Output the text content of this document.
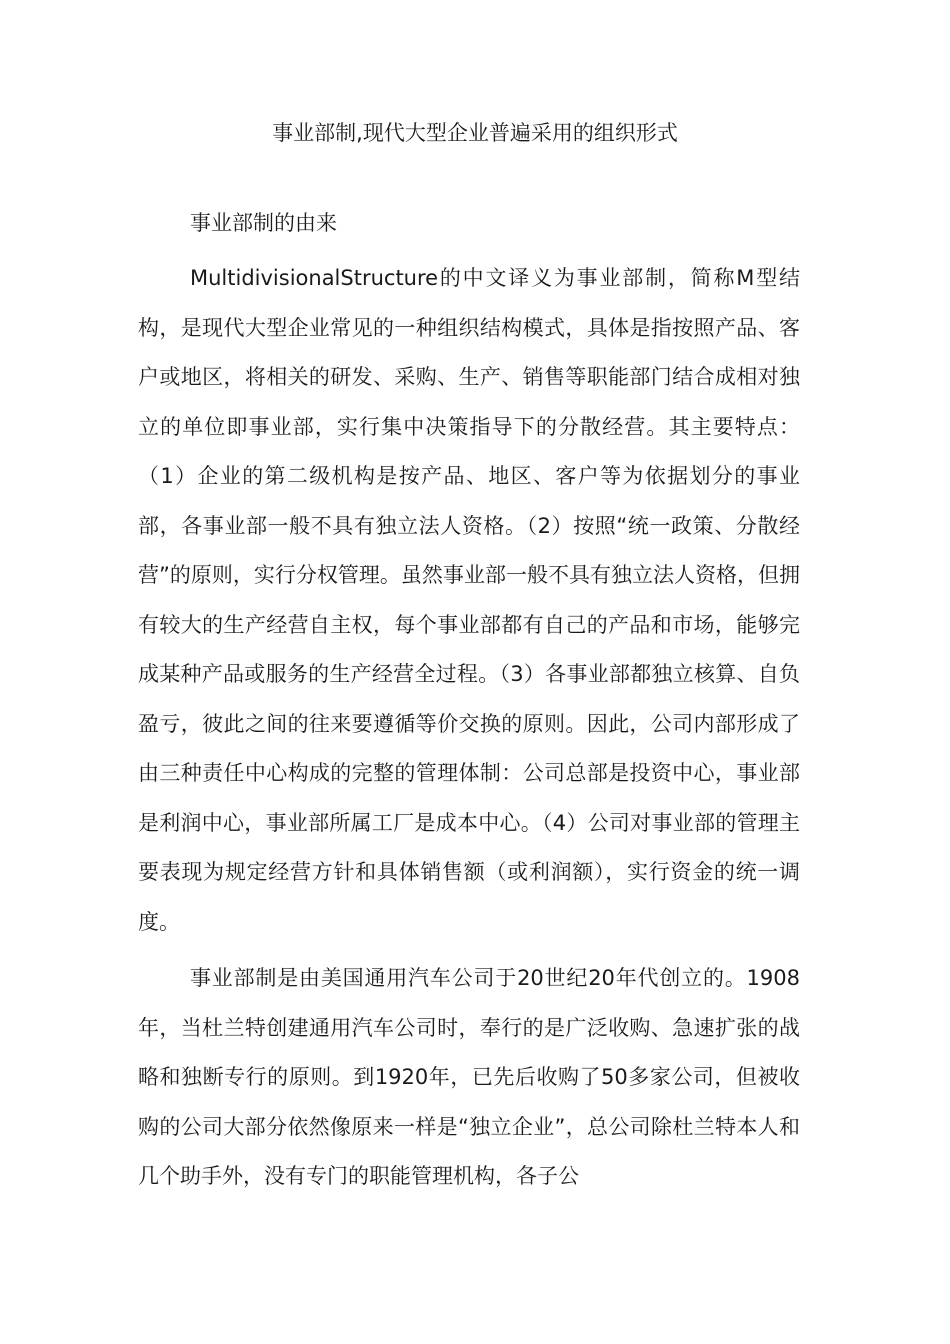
事业部制,现代大型企业普遍采用的组织形式
事业部制的由来

MultidivisionalStructure的中文译义为事业部制，简称M型结构，是现代大型企业常见的一种组织结构模式，具体是指按照产品、客户或地区，将相关的研发、采购、生产、销售等职能部门结合成相对独立的单位即事业部，实行集中决策指导下的分散经营。其主要特点：（1）企业的第二级机构是按产品、地区、客户等为依据划分的事业部，各事业部一般不具有独立法人资格。（2）按照“统一政策、分散经营”的原则，实行分权管理。虽然事业部一般不具有独立法人资格，但拥有较大的生产经营自主权，每个事业部都有自己的产品和市场，能够完成某种产品或服务的生产经营全过程。（3）各事业部都独立核算、自负盈亏，彼此之间的往来要遵循等价交换的原则。因此，公司内部形成了由三种责任中心构成的完整的管理体制：公司总部是投资中心，事业部是利润中心，事业部所属工厂是成本中心。（4）公司对事业部的管理主要表现为规定经营方针和具体销售额（或利润额），实行资金的统一调度。

事业部制是由美国通用汽车公司于20世纪20年代创立的。1908年，当杜兰特创建通用汽车公司时，奉行的是广泛收购、急速扩张的战略和独断专行的原则。到1920年，已先后收购了50多家公司，但被收购的公司大部分依然像原来一样是“独立企业”，总公司除杜兰特本人和几个助手外，没有专门的职能管理机构，各子公
